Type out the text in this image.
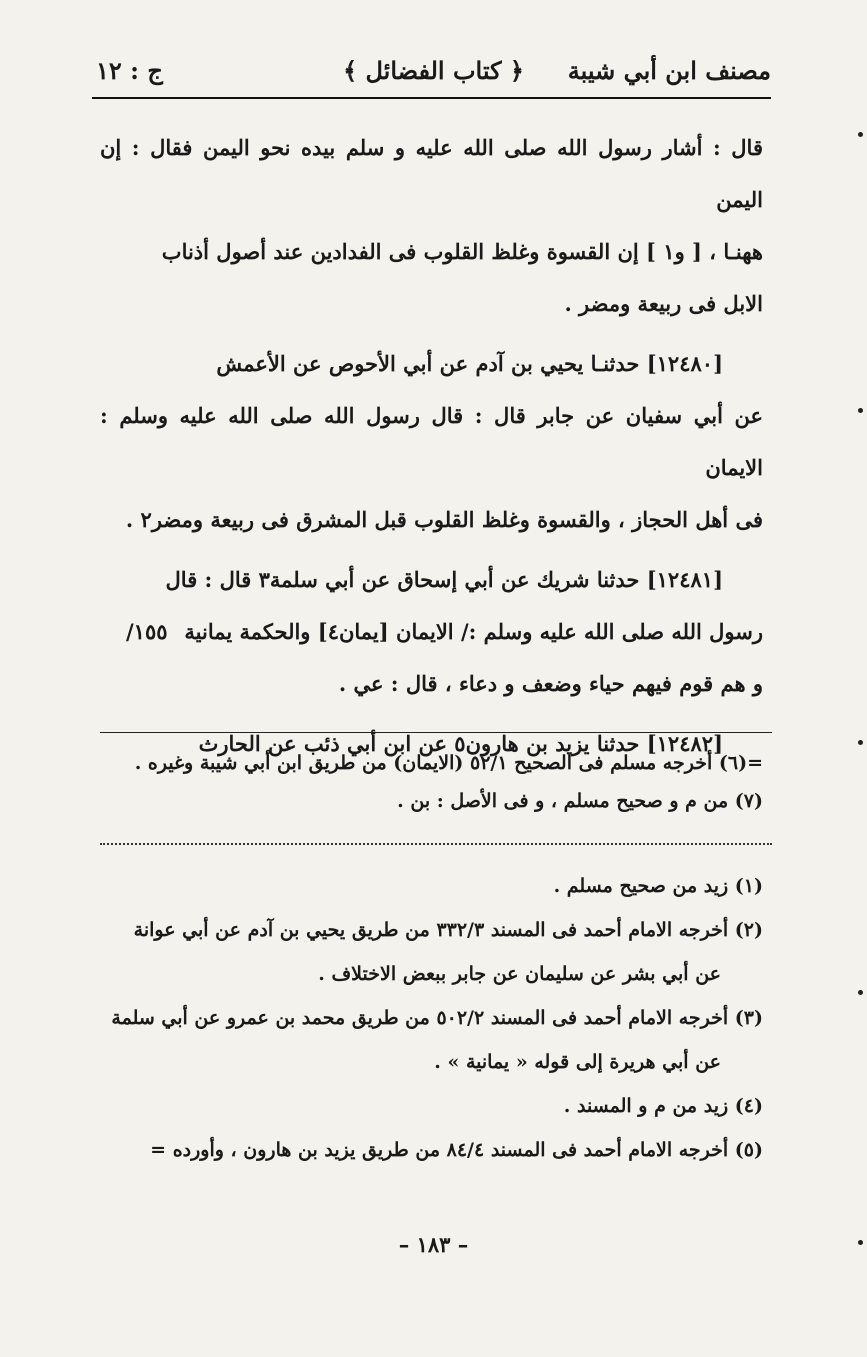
مصنف ابن أبي شيبة
﴿ كتاب الفضائل ﴾
ج : ١٢

قال : أشار رسول الله صلى الله عليه و سلم بيده نحو اليمن فقال : إن اليمن

ههنـا ، [ و١ ] إن القسوة وغلظ القلوب فى الفدادين عند أصول أذناب

الابل فى ربيعة ومضر .

[١٢٤٨٠] حدثنـا يحيي بن آدم عن أبي الأحوص عن الأعمش

عن أبي سفيان عن جابر قال : قال رسول الله صلى الله عليه وسلم : الايمان

فى أهل الحجاز ، والقسوة وغلظ القلوب قبل المشرق فى ربيعة ومضر٢ .

[١٢٤٨١] حدثنا شريك عن أبي إسحاق عن أبي سلمة٣ قال : قال

رسول الله صلى الله عليه وسلم :/ الايمان [يمان٤] والحكمة يمانية
١٥٥/

و هم قوم فيهم حياء وضعف و دعاء ، قال : عي .

[١٢٤٨٢] حدثنا يزيد بن هارون٥ عن ابن أبي ذئب عن الحارث

=(٦) أخرجه مسلم فى الصحيح ٥٢/١ (الايمان) من طريق ابن أبي شيبة وغيره .

(٧) من م و صحيح مسلم ، و فى الأصل : بن .

(١) زيد من صحيح مسلم .

(٢) أخرجه الامام أحمد فى المسند ٣٣٢/٣ من طريق يحيي بن آدم عن أبي عوانة

عن أبي بشر عن سليمان عن جابر ببعض الاختلاف .

(٣) أخرجه الامام أحمد فى المسند ٥٠٢/٢ من طريق محمد بن عمرو عن أبي سلمة

عن أبي هريرة إلى قوله « يمانية » .

(٤) زيد من م و المسند .

(٥) أخرجه الامام أحمد فى المسند ٨٤/٤ من طريق يزيد بن هارون ، وأورده =

– ١٨٣ –
